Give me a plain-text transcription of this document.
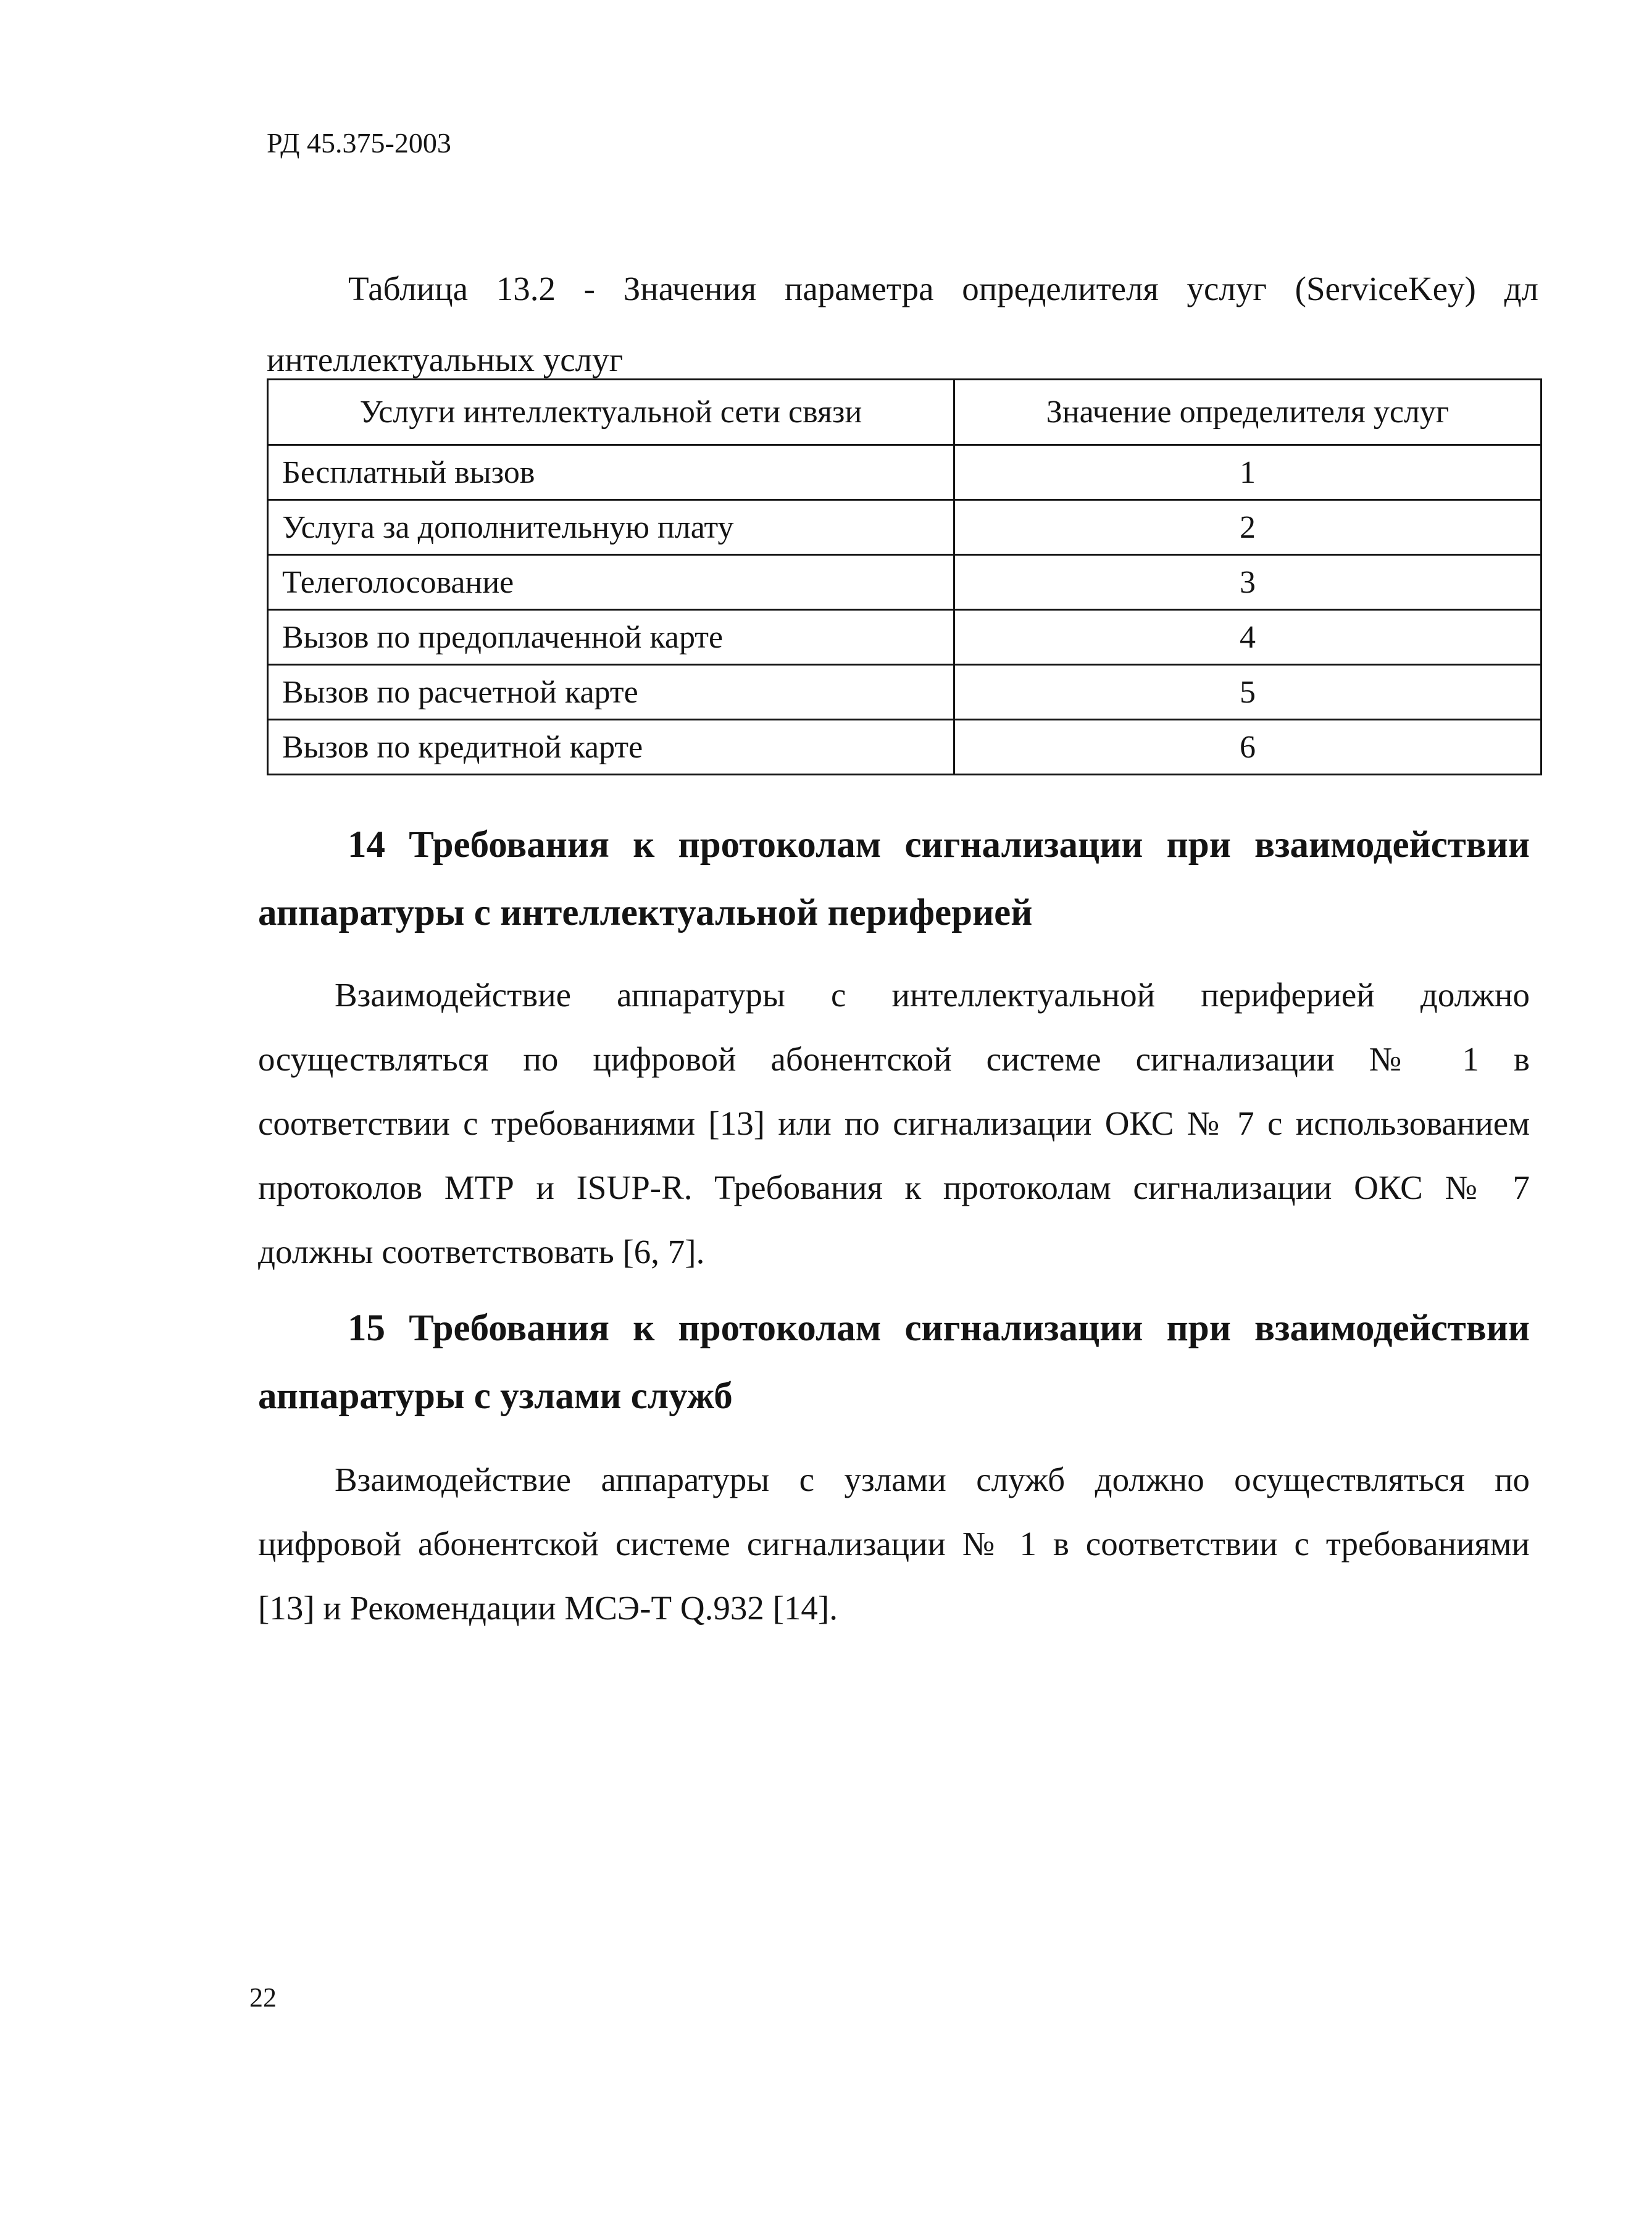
РД 45.375-2003
Таблица 13.2 - Значения параметра определителя услуг (ServiceKey) дл
интеллектуальных услуг
Услуги интеллектуальной сети связи	Значение определителя услуг
Бесплатный вызов	1
Услуга за дополнительную плату	2
Телеголосование	3
Вызов по предоплаченной карте	4
Вызов по расчетной карте	5
Вызов по кредитной карте	6
14 Требования к протоколам сигнализации при взаимодействии
аппаратуры с интеллектуальной периферией
Взаимодействие аппаратуры с интеллектуальной периферией должно
осуществляться по цифровой абонентской системе сигнализации № 1 в
соответствии с требованиями [13] или по сигнализации ОКС № 7 с использованием
протоколов МТР и ISUP-R. Требования к протоколам сигнализации ОКС № 7
должны соответствовать [6, 7].
15 Требования к протоколам сигнализации при взаимодействии
аппаратуры с узлами служб
Взаимодействие аппаратуры с узлами служб должно осуществляться по
цифровой абонентской системе сигнализации № 1 в соответствии с требованиями
[13] и Рекомендации МСЭ-Т Q.932 [14].
22
